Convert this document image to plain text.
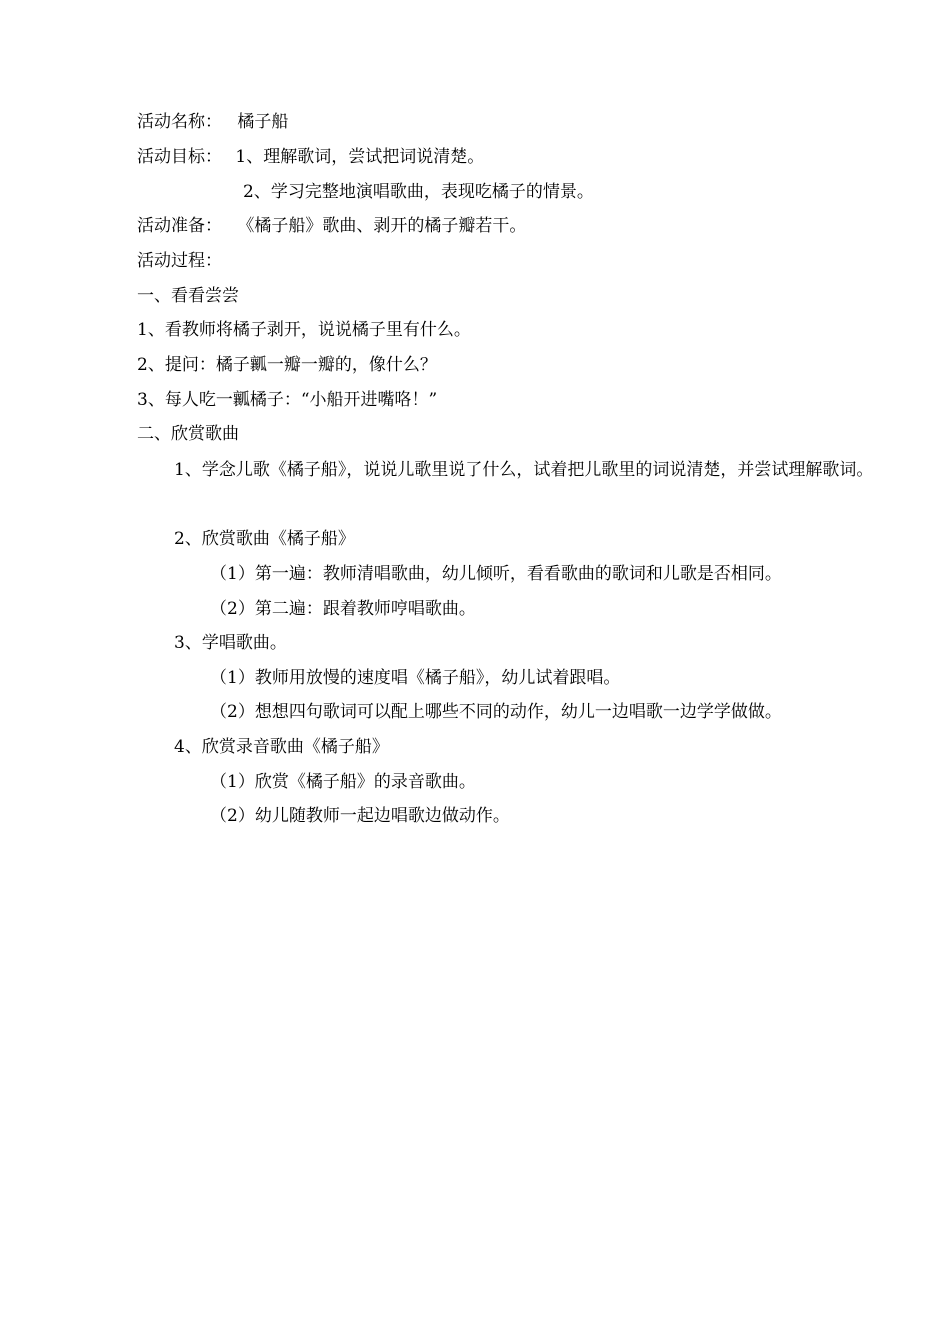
活动名称： 橘子船
活动目标： 1、理解歌词，尝试把词说清楚。
2、学习完整地演唱歌曲，表现吃橘子的情景。
活动准备： 《橘子船》歌曲、剥开的橘子瓣若干。
活动过程：
一、看看尝尝
1、看教师将橘子剥开，说说橘子里有什么。
2、提问：橘子瓤一瓣一瓣的，像什么？
3、每人吃一瓤橘子：“小船开进嘴咯！”
二、欣赏歌曲
1、学念儿歌《橘子船》，说说儿歌里说了什么，试着把儿歌里的词说清楚，并尝试理解歌词。
2、欣赏歌曲《橘子船》
（1）第一遍：教师清唱歌曲，幼儿倾听，看看歌曲的歌词和儿歌是否相同。
（2）第二遍：跟着教师哼唱歌曲。
3、学唱歌曲。
（1）教师用放慢的速度唱《橘子船》，幼儿试着跟唱。
（2）想想四句歌词可以配上哪些不同的动作，幼儿一边唱歌一边学学做做。
4、欣赏录音歌曲《橘子船》
（1）欣赏《橘子船》的录音歌曲。
（2）幼儿随教师一起边唱歌边做动作。
